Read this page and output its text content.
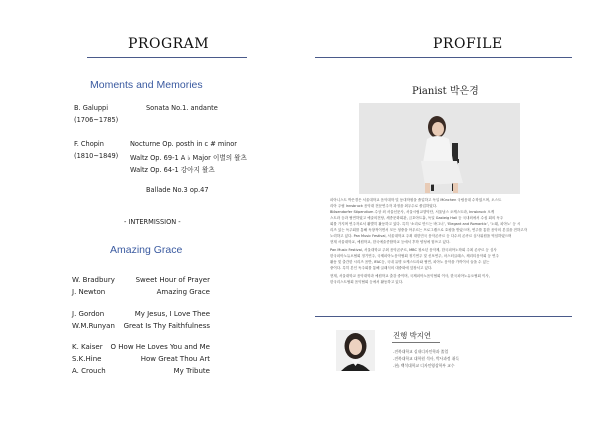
PROGRAM
Moments and Memories
B. Galuppi
(1706~1785)
Sonata No.1. andante
F. Chopin
(1810~1849)
Nocturne Op. posth in c # minor
Waltz Op. 69-1 A ♭ Major 이별의 왈츠
Waltz Op. 64-1 강아지 왈츠
Ballade No.3 op.47
- INTERMISSION -
Amazing Grace
W. Bradbury
J. Newton
Sweet Hour of Prayer
Amazing Grace
J. Gordon
W.M.Runyan
My Jesus, I Love Thee
Great Is Thy Faithfulness
K. Kaiser
S.K.Hine
A. Crouch
O How He Loves You and Me
How Great Thou Art
My Tribute
PROFILE
Pianist 박은경
피아니스트 박은경은 서울대학교 음악대학 및 동대학원을 졸업하고 독일 München 국립음대 수학였으며, 오스트
리아 주립 Innsbruck 음악대 전문연주자 과정을 최우수로 졸업하였다.
Blösendorfer Stipendium 수상 외 서울신문사, 서울시립교향악단, 서울남스 오케스트라, Innsbruck 오케
스트라 등과 협연하였고 예술의전당, 세종문화회관, 금호아트홀, 독일 Gasteig Hall 등 국내외에서 수십 회의 독주
회를 가지며 연주자로서 활발히 활동하고 있다. 특히 ‘소리로 만드는 바그너’, ‘Elegant and Romantic’, ‘노래, 피아노’ 등 시
리즈 있는 독주회를 통해 독창적이면서 모든 청중을 아우르는 프로그램으로 호평을 받았으며, 연주를 통한 음악의 본질을 전하고자
노력하고 있다. Pan Music Festival, 서울대학교 주최 대한민국 음악콘쿠르 등 다수의 콘쿠르 심사위원을 역임하였으며
현재 서울대학교, 예원학교, 한국예술종합학교 등에서 후학 양성에 힘쓰고 있다.
Pan Music Festival, 서울대학교 주최 음악콘쿠르, MBC 청소년 음악제, 한국피아노학회 주최 콘쿠르 등 심사
한국피아노듀오협회 정기연주, 국제피아노음악협회 정기연주 및 신포연주, 마스터클래스, 채리티음악회 등 연주
활동 및 출간한 시리즈 음반, IFAC등, 국내 유명 오케스트라와 협연, 피아노 음악을 가까이서 들을 수 있는
중이다. 특히 본인 독주회를 통해 클래식의 대중화에 앞장서고 있다.
현재, 서울대학교 음악대학과 예원학교 출강 중이며, 국제피아노음악협회 이사, 한국피아노듀오협회 이사,
한국리스트협회 음악협회 등에서 활동하고 있다.
진행 박지연
-전북대학교 실내디자인학과 졸업
-전북대학교 대학원 석사, 박사과정 취득
-현) 백석대학교 디자인영상학부 교수
